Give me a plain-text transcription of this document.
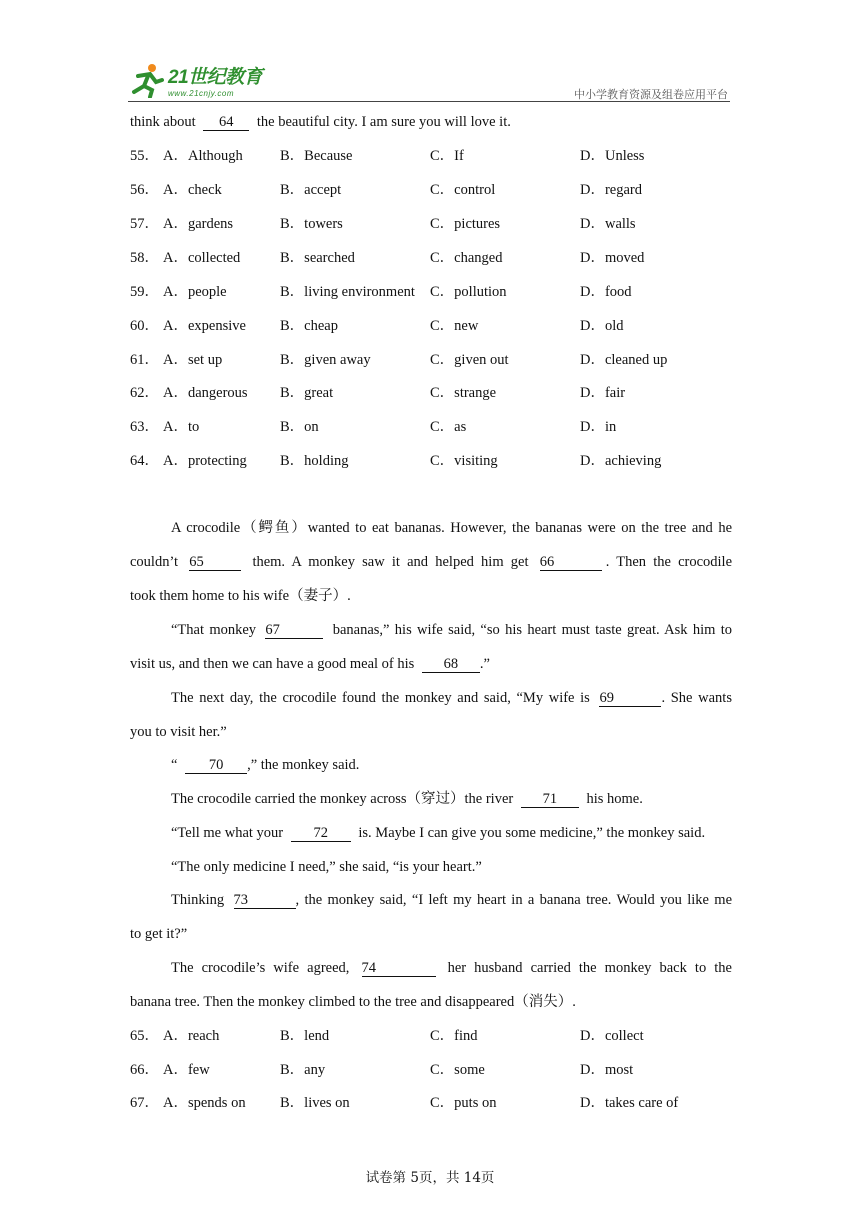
21世纪教育
www.21cnjy.com	中小学教育资源及组卷应用平台
think about 64 the beautiful city. I am sure you will love it.
55． A．Although	B．Because	C．If	D．Unless
56． A．check	B．accept	C．control	D．regard
57． A．gardens	B．towers	C．pictures	D．walls
58． A．collected	B．searched	C．changed	D．moved
59． A．people	B．living environment C．pollution	D．food
60． A．expensive B．cheap	C．new	D．old
61． A．set up	B．given away	C．given out	D．cleaned up
62． A．dangerous B．great	C．strange	D．fair
63． A．to	B．on	C．as	D．in
64． A．protecting B．holding	C．visiting	D．achieving
A crocodile（鳄鱼）wanted to eat bananas. However, the bananas were on the tree and he
couldn’t 65	them. A monkey saw it and helped him get 66	. Then the crocodile
took them home to his wife（妻子）.
“That monkey 67	bananas,” his wife said, “so his heart must taste great. Ask him to
visit us, and then we can have a good meal of his 68 .”
The next day, the crocodile found the monkey and said, “My wife is 69	. She wants
you to visit her.”
“ 70 ,” the monkey said.
The crocodile carried the monkey across（穿过）the river 71 his home.
“Tell me what your 72 is. Maybe I can give you some medicine,” the monkey said.
“The only medicine I need,” she said, “is your heart.”
Thinking 73	, the monkey said, “I left my heart in a banana tree. Would you like me
to get it?”
The crocodile’s wife agreed, 74	her husband carried the monkey back to the
banana tree. Then the monkey climbed to the tree and disappeared（消失）.
65． A．reach	B．lend	C．find	D．collect
66． A．few	B．any	C．some	D．most
67． A．spends on B．lives on	C．puts on	D．takes care of
试卷第 5页，共 14页
